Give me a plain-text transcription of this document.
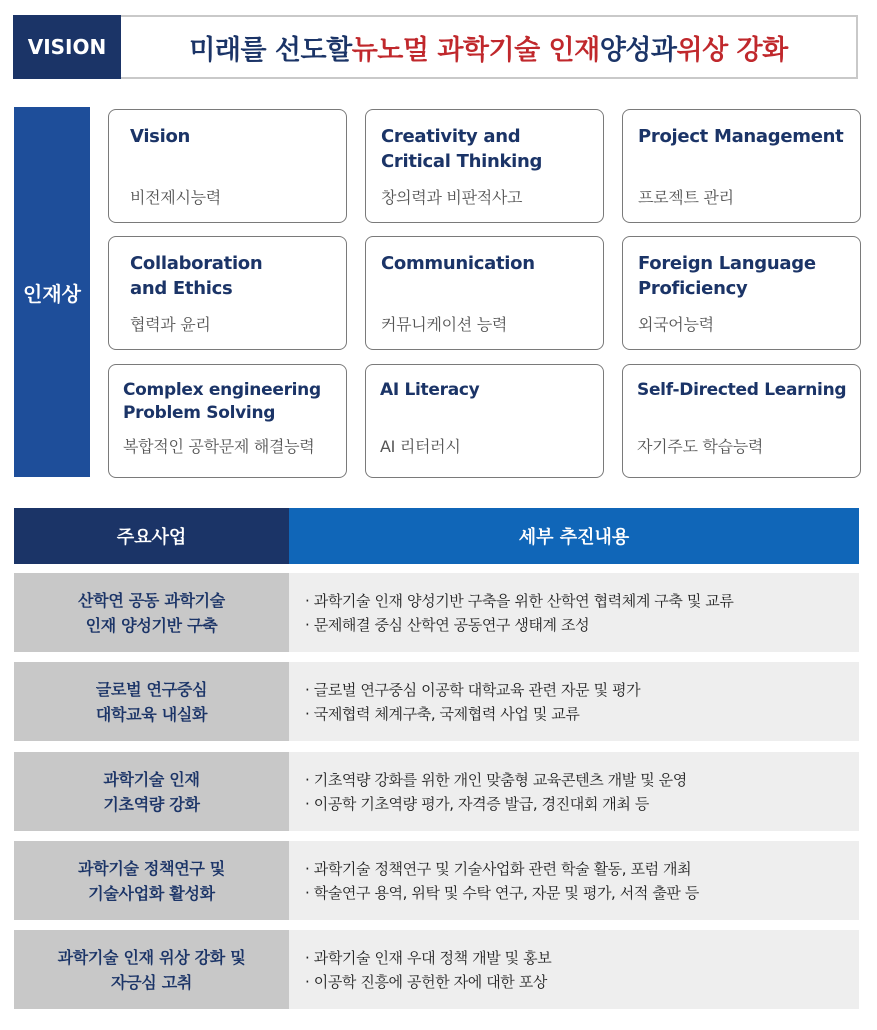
VISION	미래를 선도할 뉴노멀 과학기술 인재 양성과 위상 강화
인재상
Vision
비전제시능력
Creativity and Critical Thinking
창의력과 비판적사고
Project Management
프로젝트 관리
Collaboration and Ethics
협력과 윤리
Communication
커뮤니케이션 능력
Foreign Language Proficiency
외국어능력
Complex engineering Problem Solving
복합적인 공학문제 해결능력
AI Literacy
AI 리터러시
Self-Directed Learning
자기주도 학습능력
주요사업	세부 추진내용
산학연 공동 과학기술
인재 양성기반 구축
· 과학기술 인재 양성기반 구축을 위한 산학연 협력체계 구축 및 교류
· 문제해결 중심 산학연 공동연구 생태계 조성
글로벌 연구중심
대학교육 내실화
· 글로벌 연구중심 이공학 대학교육 관련 자문 및 평가
· 국제협력 체계구축, 국제협력 사업 및 교류
과학기술 인재
기초역량 강화
· 기초역량 강화를 위한 개인 맞춤형 교육콘텐츠 개발 및 운영
· 이공학 기초역량 평가, 자격증 발급, 경진대회 개최 등
과학기술 정책연구 및
기술사업화 활성화
· 과학기술 정책연구 및 기술사업화 관련 학술 활동, 포럼 개최
· 학술연구 용역, 위탁 및 수탁 연구, 자문 및 평가, 서적 출판 등
과학기술 인재 위상 강화 및
자긍심 고취
· 과학기술 인재 우대 정책 개발 및 홍보
· 이공학 진흥에 공헌한 자에 대한 포상
